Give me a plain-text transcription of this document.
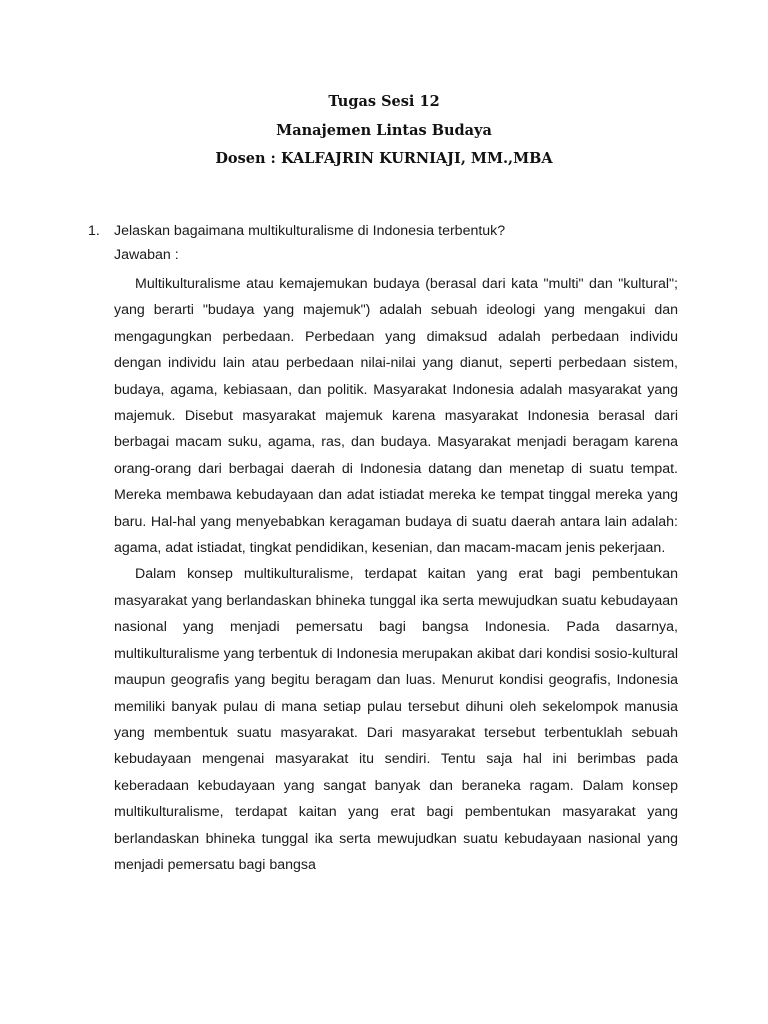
Tugas Sesi 12
Manajemen Lintas Budaya
Dosen : KALFAJRIN KURNIAJI, MM.,MBA
1. Jelaskan bagaimana multikulturalisme di Indonesia terbentuk?
Jawaban :

Multikulturalisme atau kemajemukan budaya (berasal dari kata "multi" dan "kultural"; yang berarti "budaya yang majemuk") adalah sebuah ideologi yang mengakui dan mengagungkan perbedaan. Perbedaan yang dimaksud adalah perbedaan individu dengan individu lain atau perbedaan nilai-nilai yang dianut, seperti perbedaan sistem, budaya, agama, kebiasaan, dan politik. Masyarakat Indonesia adalah masyarakat yang majemuk. Disebut masyarakat majemuk karena masyarakat Indonesia berasal dari berbagai macam suku, agama, ras, dan budaya. Masyarakat menjadi beragam karena orang-orang dari berbagai daerah di Indonesia datang dan menetap di suatu tempat. Mereka membawa kebudayaan dan adat istiadat mereka ke tempat tinggal mereka yang baru. Hal-hal yang menyebabkan keragaman budaya di suatu daerah antara lain adalah: agama, adat istiadat, tingkat pendidikan, kesenian, dan macam-macam jenis pekerjaan.

Dalam konsep multikulturalisme, terdapat kaitan yang erat bagi pembentukan masyarakat yang berlandaskan bhineka tunggal ika serta mewujudkan suatu kebudayaan nasional yang menjadi pemersatu bagi bangsa Indonesia. Pada dasarnya, multikulturalisme yang terbentuk di Indonesia merupakan akibat dari kondisi sosio-kultural maupun geografis yang begitu beragam dan luas. Menurut kondisi geografis, Indonesia memiliki banyak pulau di mana setiap pulau tersebut dihuni oleh sekelompok manusia yang membentuk suatu masyarakat. Dari masyarakat tersebut terbentuklah sebuah kebudayaan mengenai masyarakat itu sendiri. Tentu saja hal ini berimbas pada keberadaan kebudayaan yang sangat banyak dan beraneka ragam. Dalam konsep multikulturalisme, terdapat kaitan yang erat bagi pembentukan masyarakat yang berlandaskan bhineka tunggal ika serta mewujudkan suatu kebudayaan nasional yang menjadi pemersatu bagi bangsa
